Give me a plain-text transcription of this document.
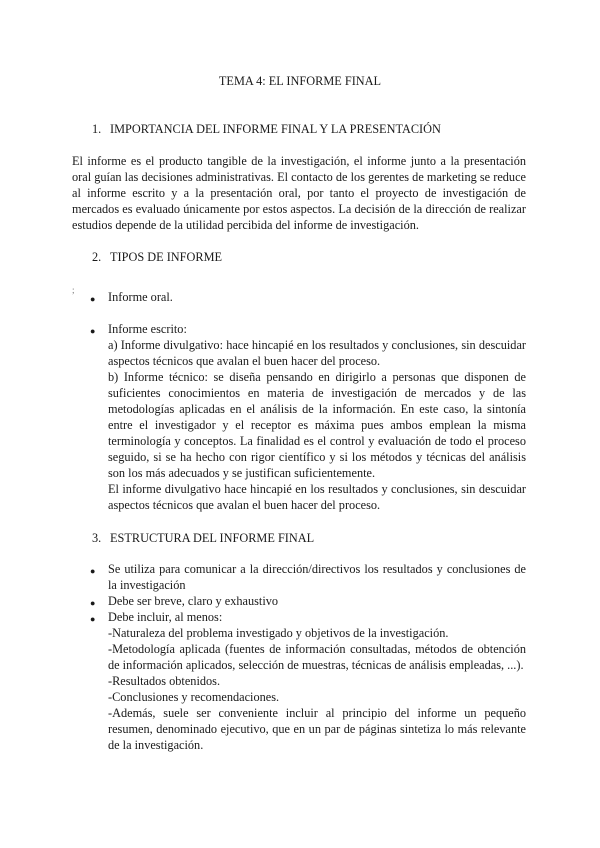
TEMA 4: EL INFORME FINAL
1. IMPORTANCIA DEL INFORME FINAL Y LA PRESENTACIÓN

El informe es el producto tangible de la investigación, el informe junto a la presentación oral guían las decisiones administrativas. El contacto de los gerentes de marketing se reduce al informe escrito y a la presentación oral, por tanto el proyecto de investigación de mercados es evaluado únicamente por estos aspectos. La decisión de la dirección de realizar estudios depende de la utilidad percibida del informe de investigación.

2. TIPOS DE INFORME
;
● Informe oral.
● Informe escrito:

a) Informe divulgativo: hace hincapié en los resultados y conclusiones, sin descuidar aspectos técnicos que avalan el buen hacer del proceso.

b) Informe técnico: se diseña pensando en dirigirlo a personas que disponen de suficientes conocimientos en materia de investigación de mercados y de las metodologías aplicadas en el análisis de la información. En este caso, la sintonía entre el investigador y el receptor es máxima pues ambos emplean la misma terminología y conceptos. La finalidad es el control y evaluación de todo el proceso seguido, si se ha hecho con rigor científico y si los métodos y técnicas del análisis son los más adecuados y se justifican suficientemente.

El informe divulgativo hace hincapié en los resultados y conclusiones, sin descuidar aspectos técnicos que avalan el buen hacer del proceso.

3. ESTRUCTURA DEL INFORME FINAL
● Se utiliza para comunicar a la dirección/directivos los resultados y conclusiones de la investigación
● Debe ser breve, claro y exhaustivo
● Debe incluir, al menos:

-Naturaleza del problema investigado y objetivos de la investigación.

-Metodología aplicada (fuentes de información consultadas, métodos de obtención de información aplicados, selección de muestras, técnicas de análisis empleadas, ...).

-Resultados obtenidos.

-Conclusiones y recomendaciones.

-Además, suele ser conveniente incluir al principio del informe un pequeño resumen, denominado ejecutivo, que en un par de páginas sintetiza lo más relevante de la investigación.
